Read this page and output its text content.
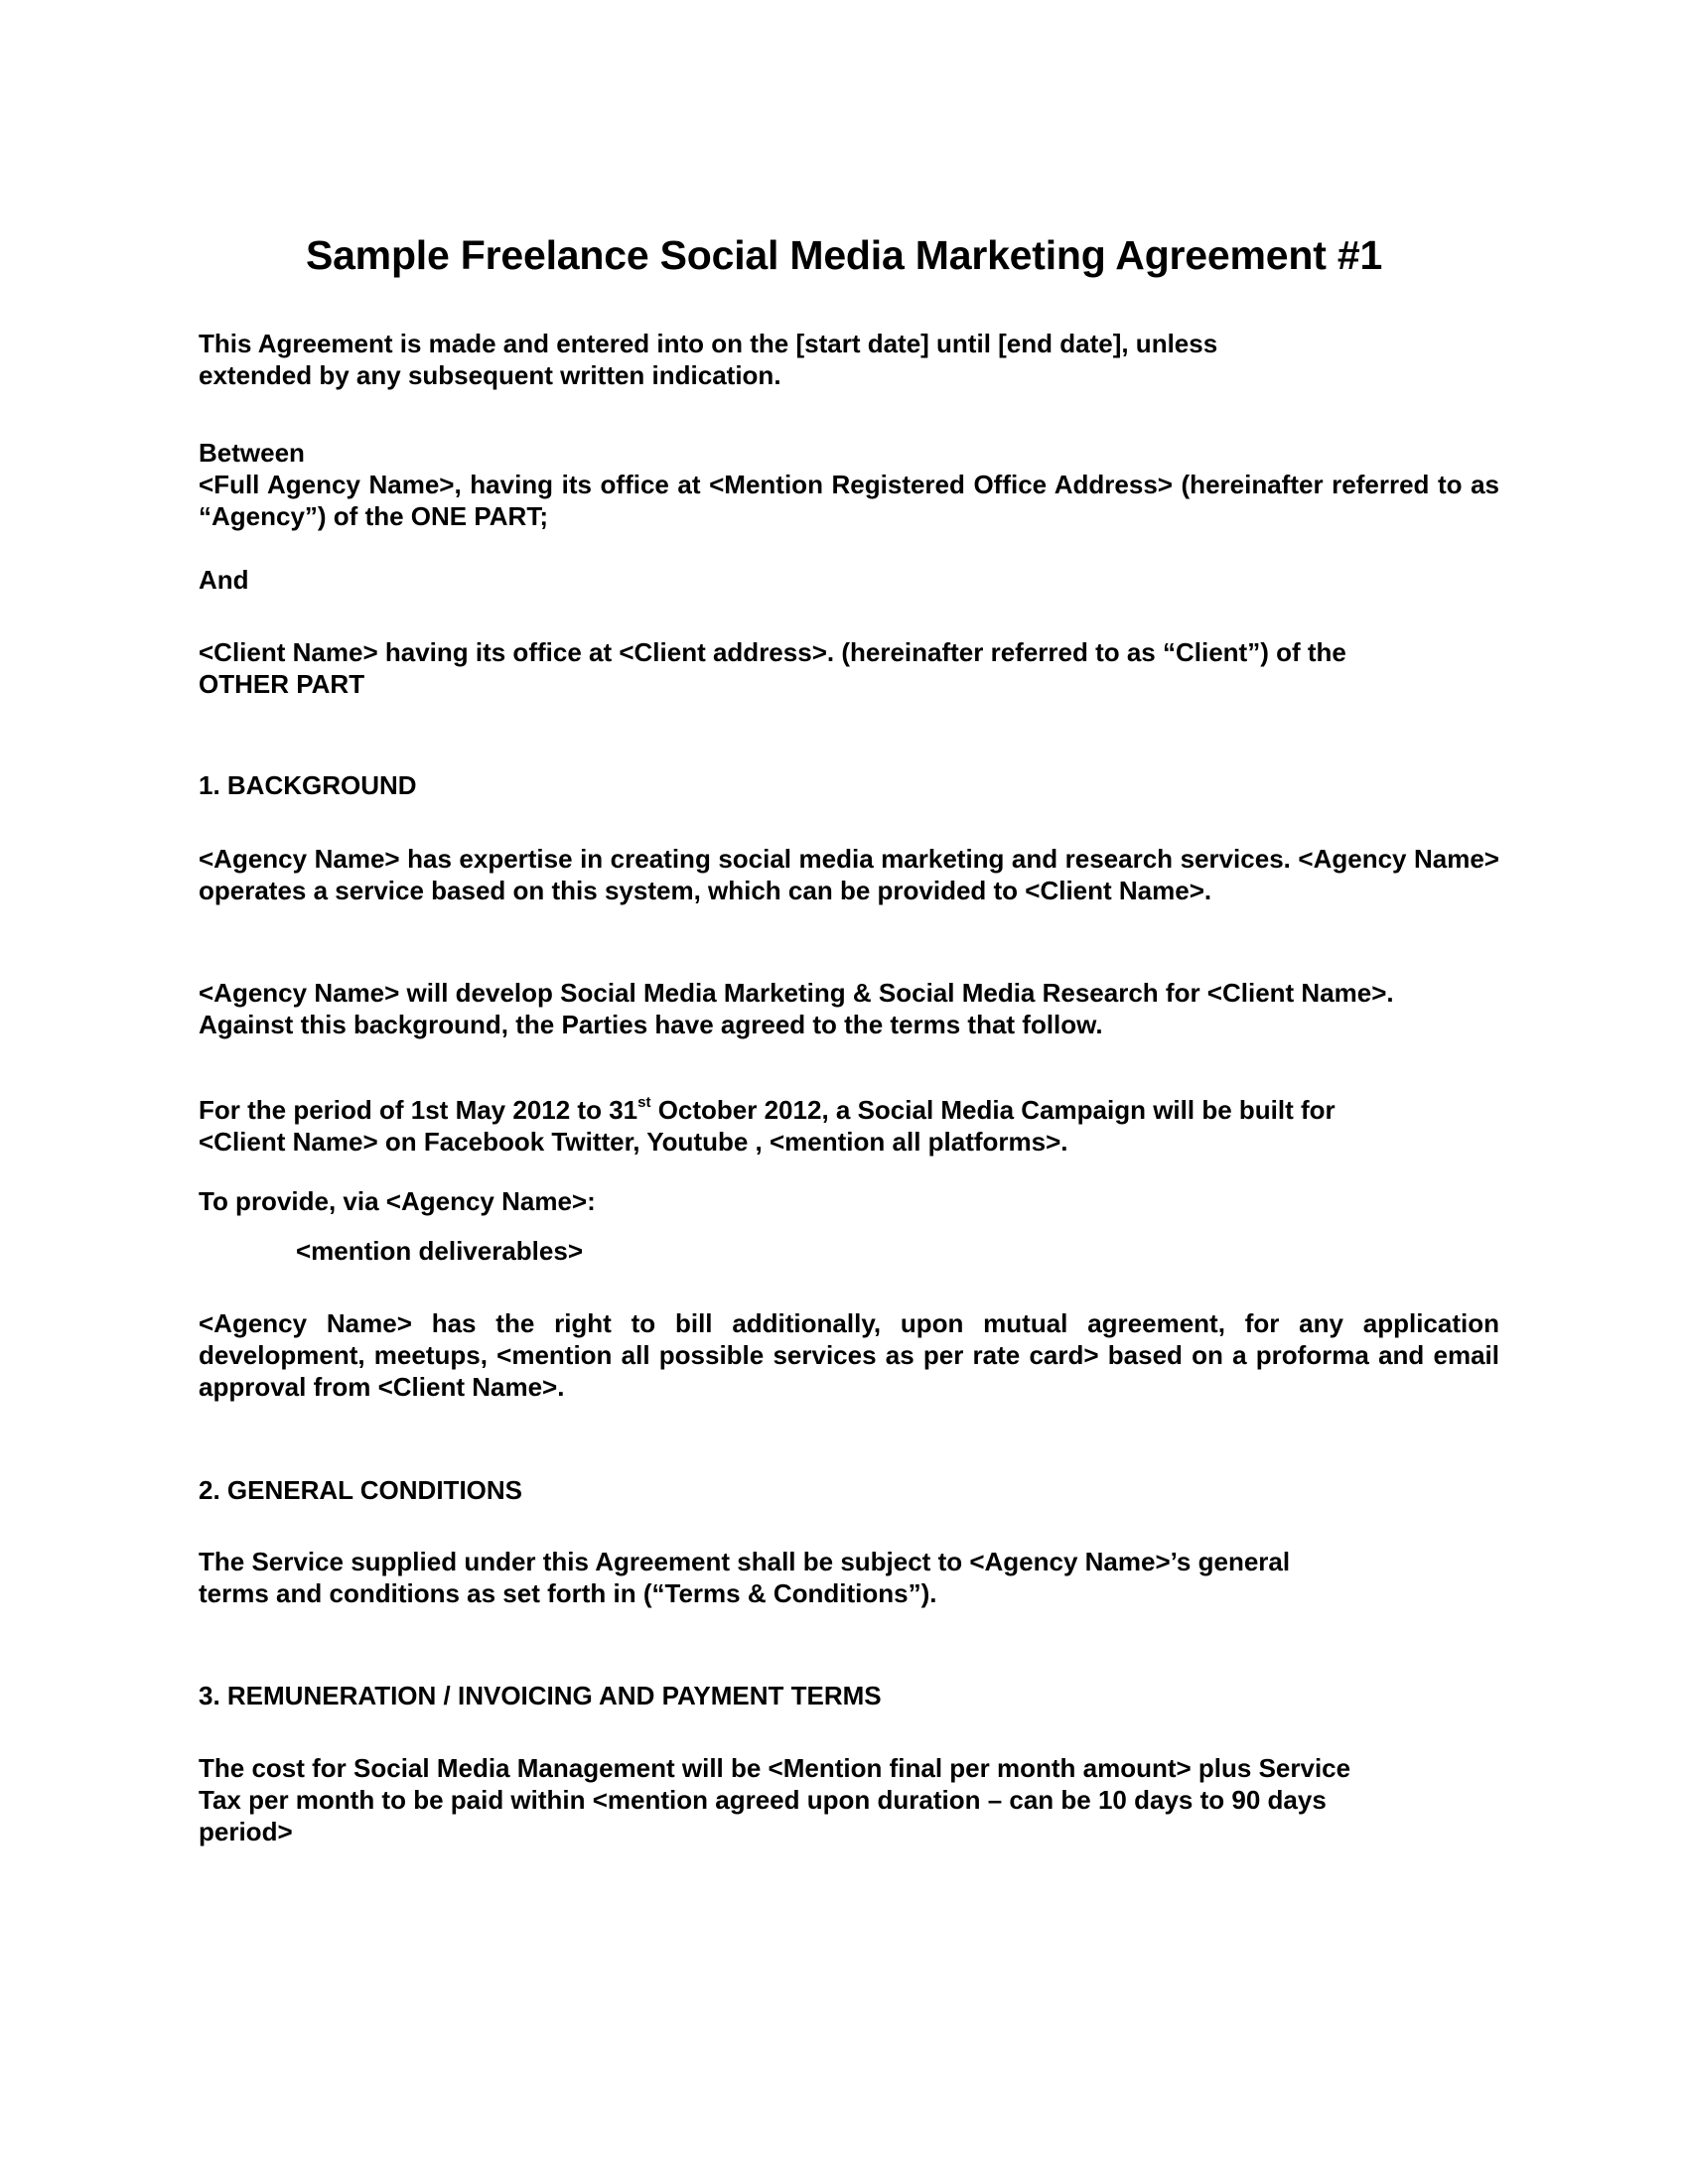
Sample Freelance Social Media Marketing Agreement #1
This Agreement is made and entered into on the [start date] until [end date], unless
extended by any subsequent written indication.
Between
<Full Agency Name>, having its office at <Mention Registered Office Address> (hereinafter referred to as “Agency”) of the ONE PART;
And
<Client Name> having its office at <Client address>. (hereinafter referred to as “Client”) of the
OTHER PART
1. BACKGROUND
<Agency Name> has expertise in creating social media marketing and research services. <Agency Name> operates a service based on this system, which can be provided to <Client Name>.
<Agency Name> will develop Social Media Marketing & Social Media Research for <Client Name>.
Against this background, the Parties have agreed to the terms that follow.
For the period of 1st May 2012 to 31st October 2012, a Social Media Campaign will be built for
<Client Name> on Facebook Twitter, Youtube , <mention all platforms>.
To provide, via <Agency Name>:
<mention deliverables>
<Agency Name> has the right to bill additionally, upon mutual agreement, for any application development, meetups, <mention all possible services as per rate card> based on a proforma and email approval from <Client Name>.
2. GENERAL CONDITIONS
The Service supplied under this Agreement shall be subject to <Agency Name>’s general
terms and conditions as set forth in (“Terms & Conditions”).
3. REMUNERATION / INVOICING AND PAYMENT TERMS
The cost for Social Media Management will be <Mention final per month amount> plus Service
Tax per month to be paid within <mention agreed upon duration – can be 10 days to 90 days
period>
